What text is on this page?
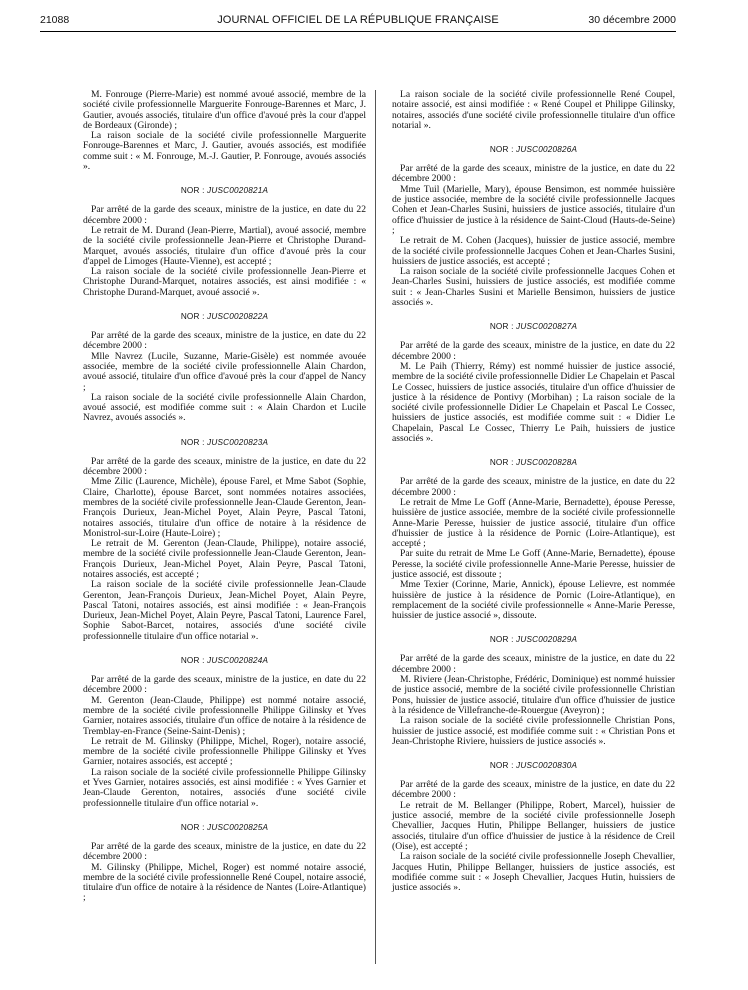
21088	JOURNAL OFFICIEL DE LA RÉPUBLIQUE FRANÇAISE	30 décembre 2000

M. Fonrouge (Pierre-Marie) est nommé avoué associé, membre de la société civile professionnelle Marguerite Fonrouge-Barennes et Marc, J. Gautier, avoués associés, titulaire d'un office d'avoué près la cour d'appel de Bordeaux (Gironde) ;

La raison sociale de la société civile professionnelle Marguerite Fonrouge-Barennes et Marc, J. Gautier, avoués associés, est modifiée comme suit : « M. Fonrouge, M.-J. Gautier, P. Fonrouge, avoués associés ».

NOR : JUSC0020821A

Par arrêté de la garde des sceaux, ministre de la justice, en date du 22 décembre 2000 :

Le retrait de M. Durand (Jean-Pierre, Martial), avoué associé, membre de la société civile professionnelle Jean-Pierre et Christophe Durand-Marquet, avoués associés, titulaire d'un office d'avoué près la cour d'appel de Limoges (Haute-Vienne), est accepté ;

La raison sociale de la société civile professionnelle Jean-Pierre et Christophe Durand-Marquet, notaires associés, est ainsi modifiée : « Christophe Durand-Marquet, avoué associé ».

NOR : JUSC0020822A

Par arrêté de la garde des sceaux, ministre de la justice, en date du 22 décembre 2000 :

Mlle Navrez (Lucile, Suzanne, Marie-Gisèle) est nommée avouée associée, membre de la société civile professionnelle Alain Chardon, avoué associé, titulaire d'un office d'avoué près la cour d'appel de Nancy ;

La raison sociale de la société civile professionnelle Alain Chardon, avoué associé, est modifiée comme suit : « Alain Chardon et Lucile Navrez, avoués associés ».

NOR : JUSC0020823A

Par arrêté de la garde des sceaux, ministre de la justice, en date du 22 décembre 2000 :

Mme Zilic (Laurence, Michèle), épouse Farel, et Mme Sabot (Sophie, Claire, Charlotte), épouse Barcet, sont nommées notaires associées, membres de la société civile professionnelle Jean-Claude Gerenton, Jean-François Durieux, Jean-Michel Poyet, Alain Peyre, Pascal Tatoni, notaires associés, titulaire d'un office de notaire à la résidence de Monistrol-sur-Loire (Haute-Loire) ;

Le retrait de M. Gerenton (Jean-Claude, Philippe), notaire associé, membre de la société civile professionnelle Jean-Claude Gerenton, Jean-François Durieux, Jean-Michel Poyet, Alain Peyre, Pascal Tatoni, notaires associés, est accepté ;

La raison sociale de la société civile professionnelle Jean-Claude Gerenton, Jean-François Durieux, Jean-Michel Poyet, Alain Peyre, Pascal Tatoni, notaires associés, est ainsi modifiée : « Jean-François Durieux, Jean-Michel Poyet, Alain Peyre, Pascal Tatoni, Laurence Farel, Sophie Sabot-Barcet, notaires, associés d'une société civile professionnelle titulaire d'un office notarial ».

NOR : JUSC0020824A

Par arrêté de la garde des sceaux, ministre de la justice, en date du 22 décembre 2000 :

M. Gerenton (Jean-Claude, Philippe) est nommé notaire associé, membre de la société civile professionnelle Philippe Gilinsky et Yves Garnier, notaires associés, titulaire d'un office de notaire à la résidence de Tremblay-en-France (Seine-Saint-Denis) ;

Le retrait de M. Gilinsky (Philippe, Michel, Roger), notaire associé, membre de la société civile professionnelle Philippe Gilinsky et Yves Garnier, notaires associés, est accepté ;

La raison sociale de la société civile professionnelle Philippe Gilinsky et Yves Garnier, notaires associés, est ainsi modifiée : « Yves Garnier et Jean-Claude Gerenton, notaires, associés d'une société civile professionnelle titulaire d'un office notarial ».

NOR : JUSC0020825A

Par arrêté de la garde des sceaux, ministre de la justice, en date du 22 décembre 2000 :

M. Gilinsky (Philippe, Michel, Roger) est nommé notaire associé, membre de la société civile professionnelle René Coupel, notaire associé, titulaire d'un office de notaire à la résidence de Nantes (Loire-Atlantique) ;

La raison sociale de la société civile professionnelle René Coupel, notaire associé, est ainsi modifiée : « René Coupel et Philippe Gilinsky, notaires, associés d'une société civile professionnelle titulaire d'un office notarial ».

NOR : JUSC0020826A

Par arrêté de la garde des sceaux, ministre de la justice, en date du 22 décembre 2000 :

Mme Tuil (Marielle, Mary), épouse Bensimon, est nommée huissière de justice associée, membre de la société civile professionnelle Jacques Cohen et Jean-Charles Susini, huissiers de justice associés, titulaire d'un office d'huissier de justice à la résidence de Saint-Cloud (Hauts-de-Seine) ;

Le retrait de M. Cohen (Jacques), huissier de justice associé, membre de la société civile professionnelle Jacques Cohen et Jean-Charles Susini, huissiers de justice associés, est accepté ;

La raison sociale de la société civile professionnelle Jacques Cohen et Jean-Charles Susini, huissiers de justice associés, est modifiée comme suit : « Jean-Charles Susini et Marielle Bensimon, huissiers de justice associés ».

NOR : JUSC0020827A

Par arrêté de la garde des sceaux, ministre de la justice, en date du 22 décembre 2000 :

M. Le Paih (Thierry, Rémy) est nommé huissier de justice associé, membre de la société civile professionnelle Didier Le Chapelain et Pascal Le Cossec, huissiers de justice associés, titulaire d'un office d'huissier de justice à la résidence de Pontivy (Morbihan) ; La raison sociale de la société civile professionnelle Didier Le Chapelain et Pascal Le Cossec, huissiers de justice associés, est modifiée comme suit : « Didier Le Chapelain, Pascal Le Cossec, Thierry Le Paih, huissiers de justice associés ».

NOR : JUSC0020828A

Par arrêté de la garde des sceaux, ministre de la justice, en date du 22 décembre 2000 :

Le retrait de Mme Le Goff (Anne-Marie, Bernadette), épouse Peresse, huissière de justice associée, membre de la société civile professionnelle Anne-Marie Peresse, huissier de justice associé, titulaire d'un office d'huissier de justice à la résidence de Pornic (Loire-Atlantique), est accepté ;

Par suite du retrait de Mme Le Goff (Anne-Marie, Bernadette), épouse Peresse, la société civile professionnelle Anne-Marie Peresse, huissier de justice associé, est dissoute ;

Mme Texier (Corinne, Marie, Annick), épouse Lelievre, est nommée huissière de justice à la résidence de Pornic (Loire-Atlantique), en remplacement de la société civile professionnelle « Anne-Marie Peresse, huissier de justice associé », dissoute.

NOR : JUSC0020829A

Par arrêté de la garde des sceaux, ministre de la justice, en date du 22 décembre 2000 :

M. Riviere (Jean-Christophe, Frédéric, Dominique) est nommé huissier de justice associé, membre de la société civile professionnelle Christian Pons, huissier de justice associé, titulaire d'un office d'huissier de justice à la résidence de Villefranche-de-Rouergue (Aveyron) ;

La raison sociale de la société civile professionnelle Christian Pons, huissier de justice associé, est modifiée comme suit : « Christian Pons et Jean-Christophe Riviere, huissiers de justice associés ».

NOR : JUSC0020830A

Par arrêté de la garde des sceaux, ministre de la justice, en date du 22 décembre 2000 :

Le retrait de M. Bellanger (Philippe, Robert, Marcel), huissier de justice associé, membre de la société civile professionnelle Joseph Chevallier, Jacques Hutin, Philippe Bellanger, huissiers de justice associés, titulaire d'un office d'huissier de justice à la résidence de Creil (Oise), est accepté ;

La raison sociale de la société civile professionnelle Joseph Chevallier, Jacques Hutin, Philippe Bellanger, huissiers de justice associés, est modifiée comme suit : « Joseph Chevallier, Jacques Hutin, huissiers de justice associés ».
